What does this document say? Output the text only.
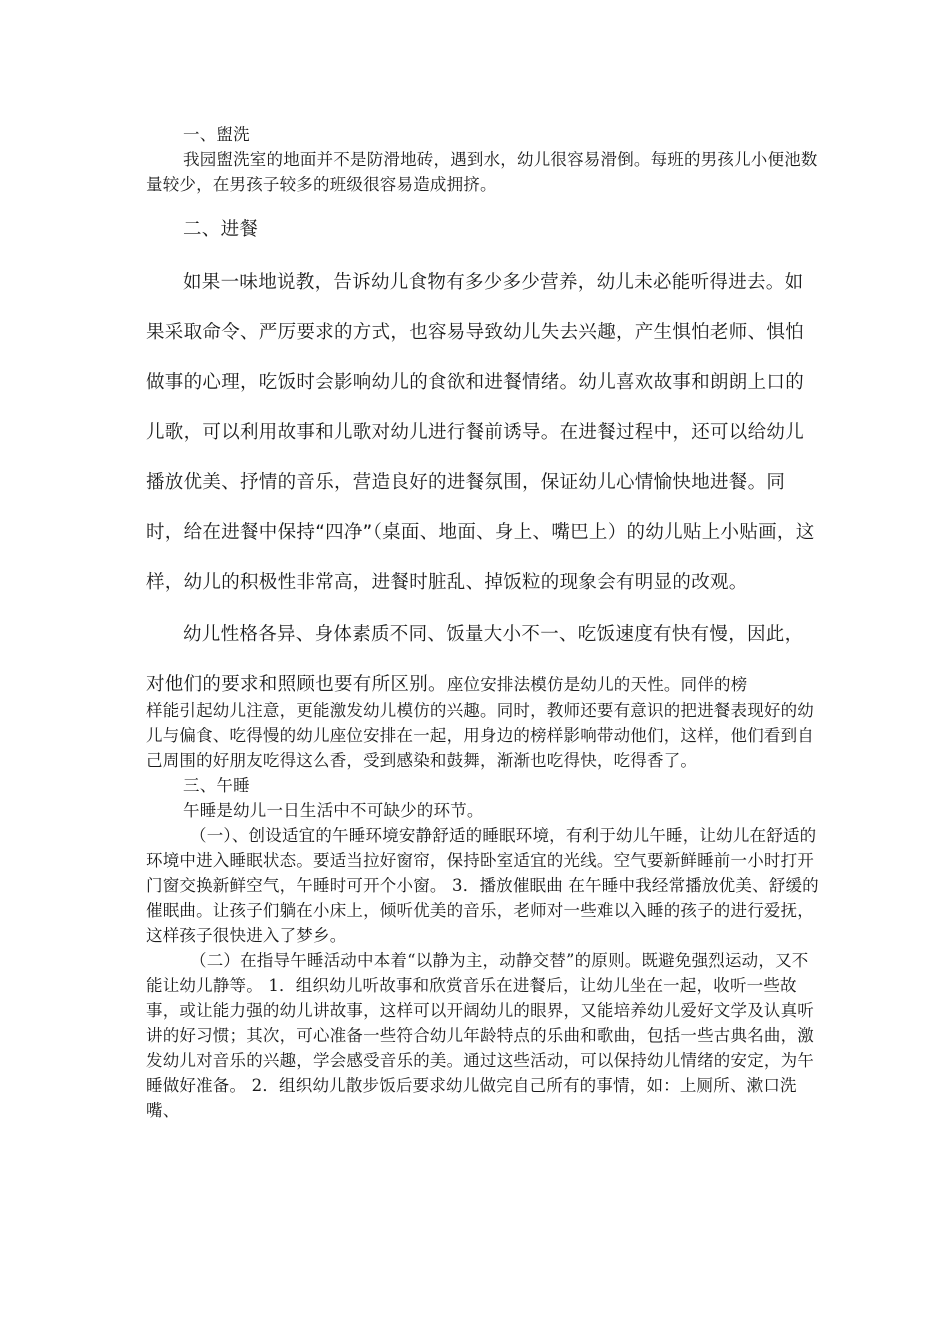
一、盥洗

我园盥洗室的地面并不是防滑地砖，遇到水，幼儿很容易滑倒。每班的男孩儿小便池数量较少，在男孩子较多的班级很容易造成拥挤。

二、进餐

如果一味地说教，告诉幼儿食物有多少多少营养，幼儿未必能听得进去。如果采取命令、严厉要求的方式，也容易导致幼儿失去兴趣，产生惧怕老师、惧怕做事的心理，吃饭时会影响幼儿的食欲和进餐情绪。幼儿喜欢故事和朗朗上口的儿歌，可以利用故事和儿歌对幼儿进行餐前诱导。在进餐过程中，还可以给幼儿播放优美、抒情的音乐，营造良好的进餐氛围，保证幼儿心情愉快地进餐。同时，给在进餐中保持“四净”（桌面、地面、身上、嘴巴上）的幼儿贴上小贴画，这样，幼儿的积极性非常高，进餐时脏乱、掉饭粒的现象会有明显的改观。

幼儿性格各异、身体素质不同、饭量大小不一、吃饭速度有快有慢，因此，对他们的要求和照顾也要有所区别。座位安排法模仿是幼儿的天性。同伴的榜

样能引起幼儿注意，更能激发幼儿模仿的兴趣。同时，教师还要有意识的把进餐表现好的幼儿与偏食、吃得慢的幼儿座位安排在一起，用身边的榜样影响带动他们，这样，他们看到自己周围的好朋友吃得这么香，受到感染和鼓舞，渐渐也吃得快，吃得香了。

三、午睡

午睡是幼儿一日生活中不可缺少的环节。

（一）、创设适宜的午睡环境安静舒适的睡眠环境，有利于幼儿午睡，让幼儿在舒适的环境中进入睡眠状态。要适当拉好窗帘，保持卧室适宜的光线。空气要新鲜睡前一小时打开门窗交换新鲜空气，午睡时可开个小窗。 3．播放催眠曲 在午睡中我经常播放优美、舒缓的催眠曲。让孩子们躺在小床上，倾听优美的音乐，老师对一些难以入睡的孩子的进行爱抚，这样孩子很快进入了梦乡。

（二）在指导午睡活动中本着“以静为主，动静交替”的原则。既避免强烈运动，又不能让幼儿静等。 1．组织幼儿听故事和欣赏音乐在进餐后，让幼儿坐在一起，收听一些故事，或让能力强的幼儿讲故事，这样可以开阔幼儿的眼界，又能培养幼儿爱好文学及认真听讲的好习惯；其次，可心准备一些符合幼儿年龄特点的乐曲和歌曲，包括一些古典名曲，激发幼儿对音乐的兴趣，学会感受音乐的美。通过这些活动，可以保持幼儿情绪的安定，为午睡做好准备。 2．组织幼儿散步饭后要求幼儿做完自己所有的事情，如：上厕所、漱口洗嘴、
